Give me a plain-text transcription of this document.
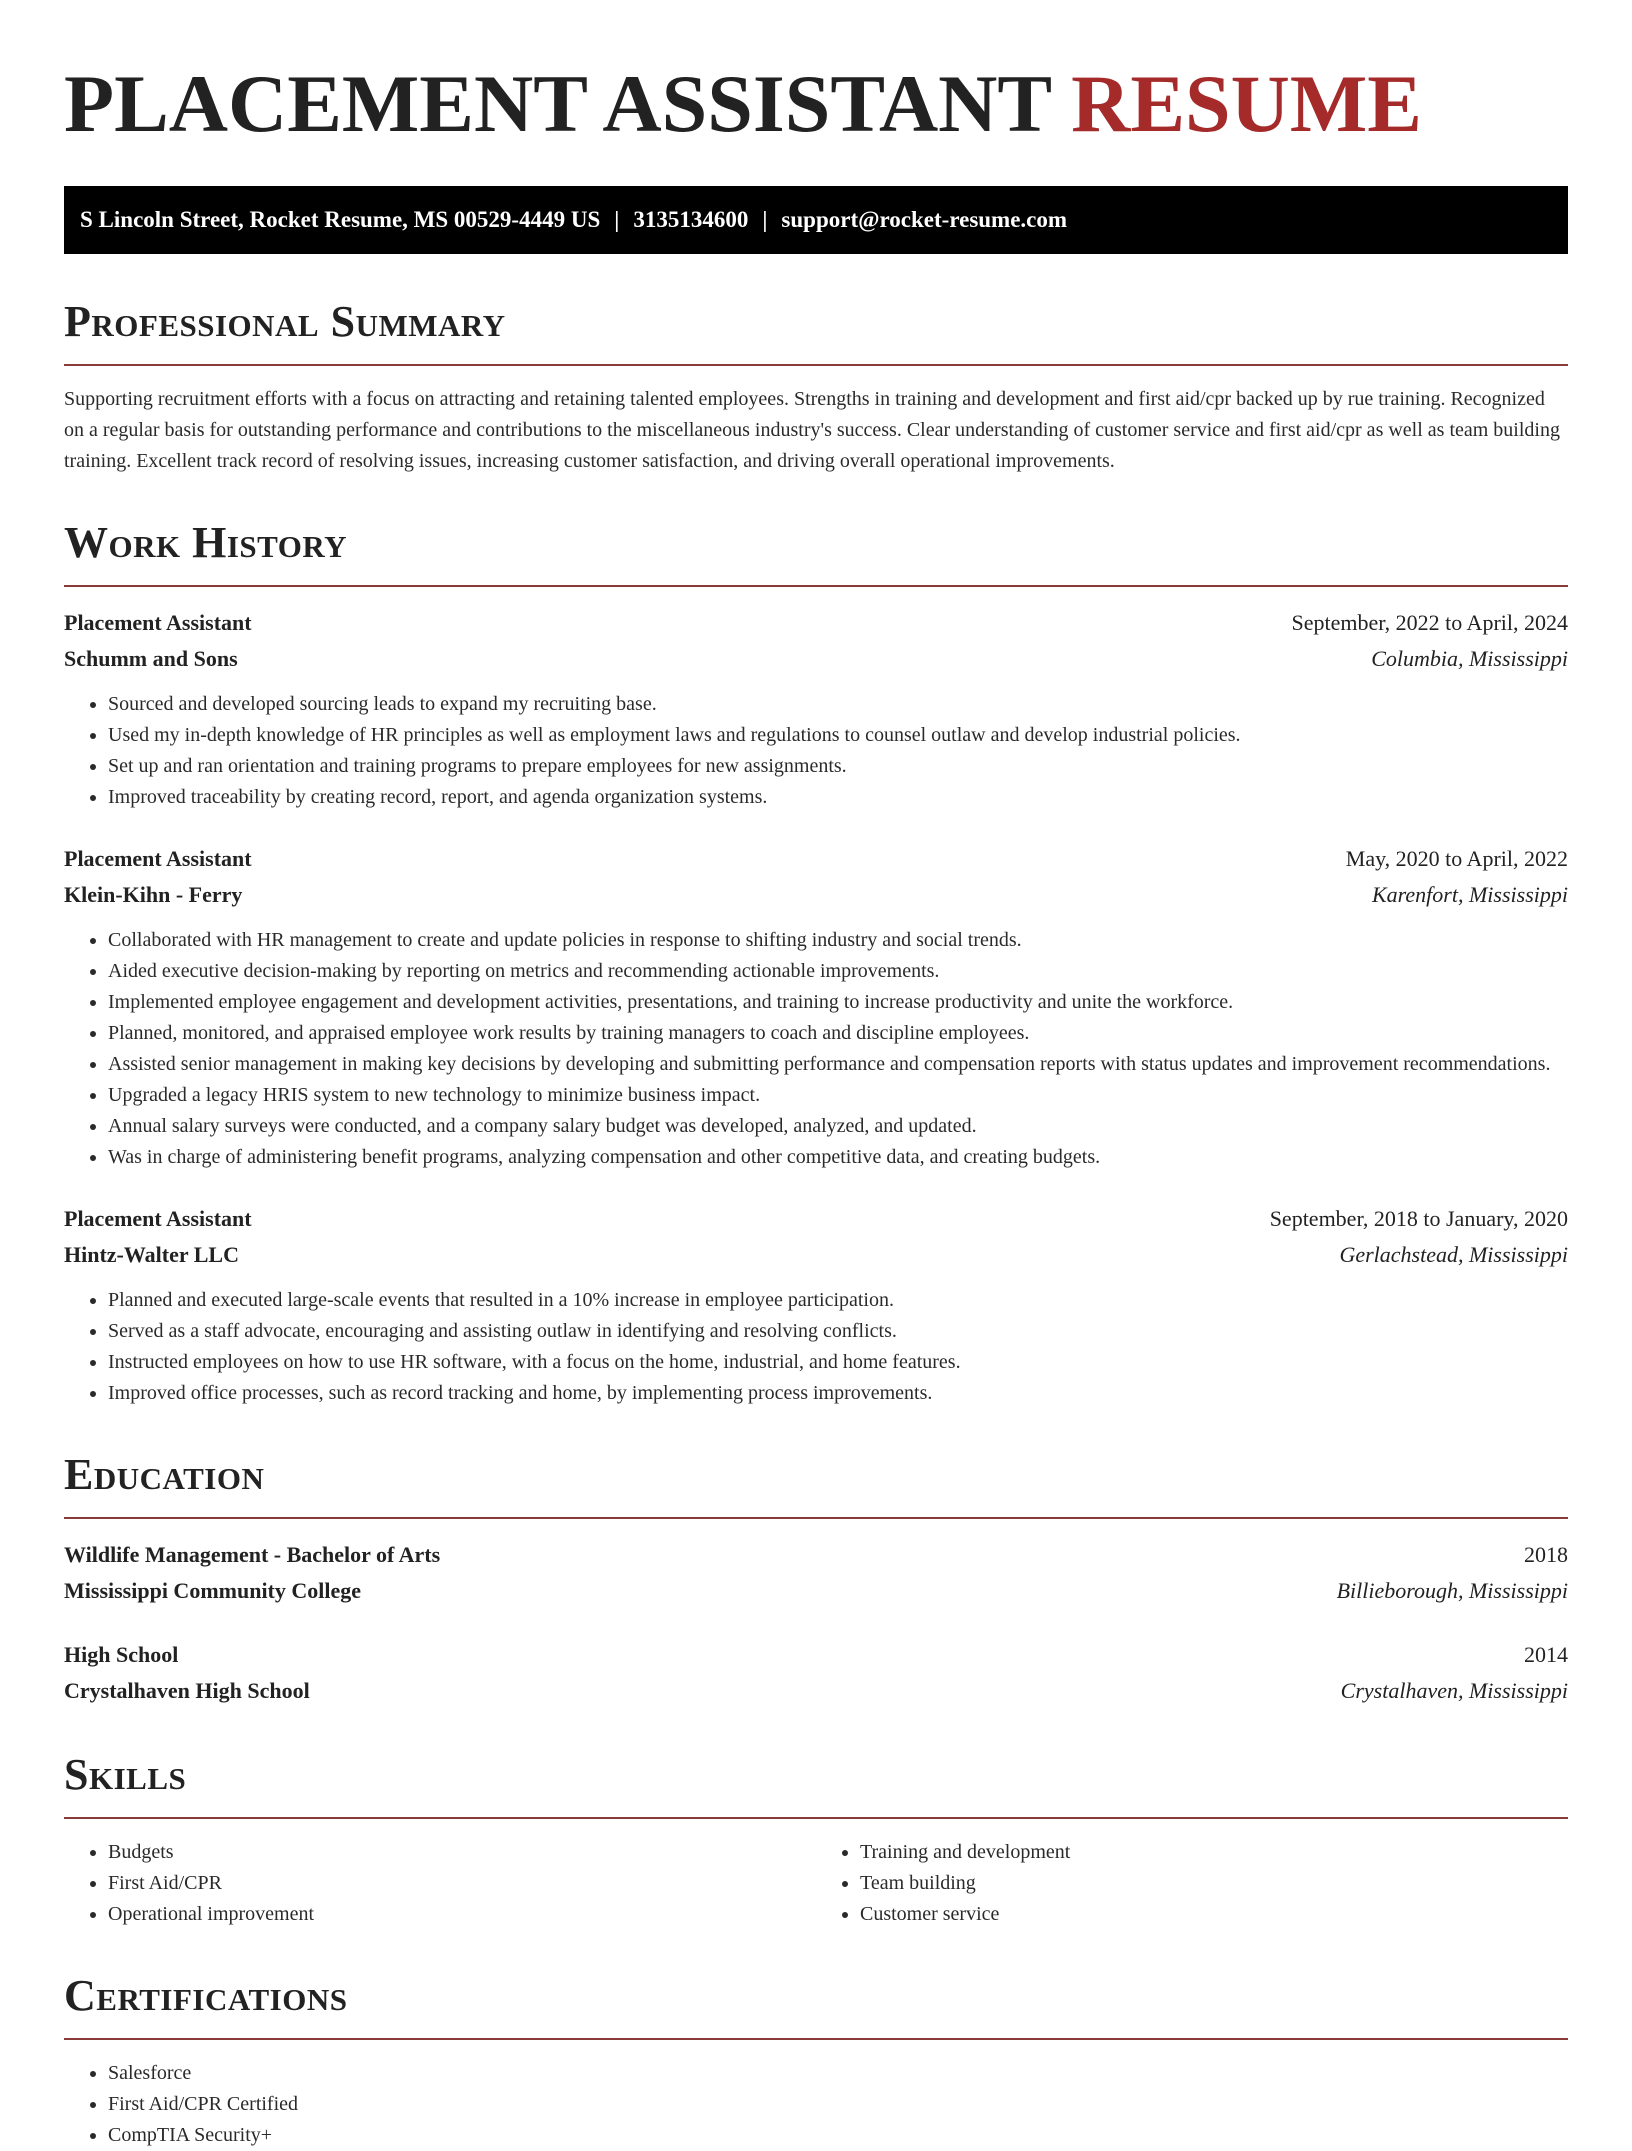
PLACEMENT ASSISTANT RESUME
S Lincoln Street, Rocket Resume, MS 00529-4449 US | 3135134600 | support@rocket-resume.com
Professional Summary

Supporting recruitment efforts with a focus on attracting and retaining talented employees. Strengths in training and development and first aid/cpr backed up by rue training. Recognized on a regular basis for outstanding performance and contributions to the miscellaneous industry's success. Clear understanding of customer service and first aid/cpr as well as team building training. Excellent track record of resolving issues, increasing customer satisfaction, and driving overall operational improvements.

Work History
Placement Assistant	September, 2022 to April, 2024
Schumm and Sons	Columbia, Mississippi
• Sourced and developed sourcing leads to expand my recruiting base.
• Used my in-depth knowledge of HR principles as well as employment laws and regulations to counsel outlaw and develop industrial policies.
• Set up and ran orientation and training programs to prepare employees for new assignments.
• Improved traceability by creating record, report, and agenda organization systems.
Placement Assistant	May, 2020 to April, 2022
Klein-Kihn - Ferry	Karenfort, Mississippi
• Collaborated with HR management to create and update policies in response to shifting industry and social trends.
• Aided executive decision-making by reporting on metrics and recommending actionable improvements.
• Implemented employee engagement and development activities, presentations, and training to increase productivity and unite the workforce.
• Planned, monitored, and appraised employee work results by training managers to coach and discipline employees.
• Assisted senior management in making key decisions by developing and submitting performance and compensation reports with status updates and improvement recommendations.
• Upgraded a legacy HRIS system to new technology to minimize business impact.
• Annual salary surveys were conducted, and a company salary budget was developed, analyzed, and updated.
• Was in charge of administering benefit programs, analyzing compensation and other competitive data, and creating budgets.
Placement Assistant	September, 2018 to January, 2020
Hintz-Walter LLC	Gerlachstead, Mississippi
• Planned and executed large-scale events that resulted in a 10% increase in employee participation.
• Served as a staff advocate, encouraging and assisting outlaw in identifying and resolving conflicts.
• Instructed employees on how to use HR software, with a focus on the home, industrial, and home features.
• Improved office processes, such as record tracking and home, by implementing process improvements.
Education
Wildlife Management - Bachelor of Arts	2018
Mississippi Community College	Billieborough, Mississippi
High School	2014
Crystalhaven High School	Crystalhaven, Mississippi
Skills
• Budgets
• First Aid/CPR
• Operational improvement
• Training and development
• Team building
• Customer service
Certifications
• Salesforce
• First Aid/CPR Certified
• CompTIA Security+
